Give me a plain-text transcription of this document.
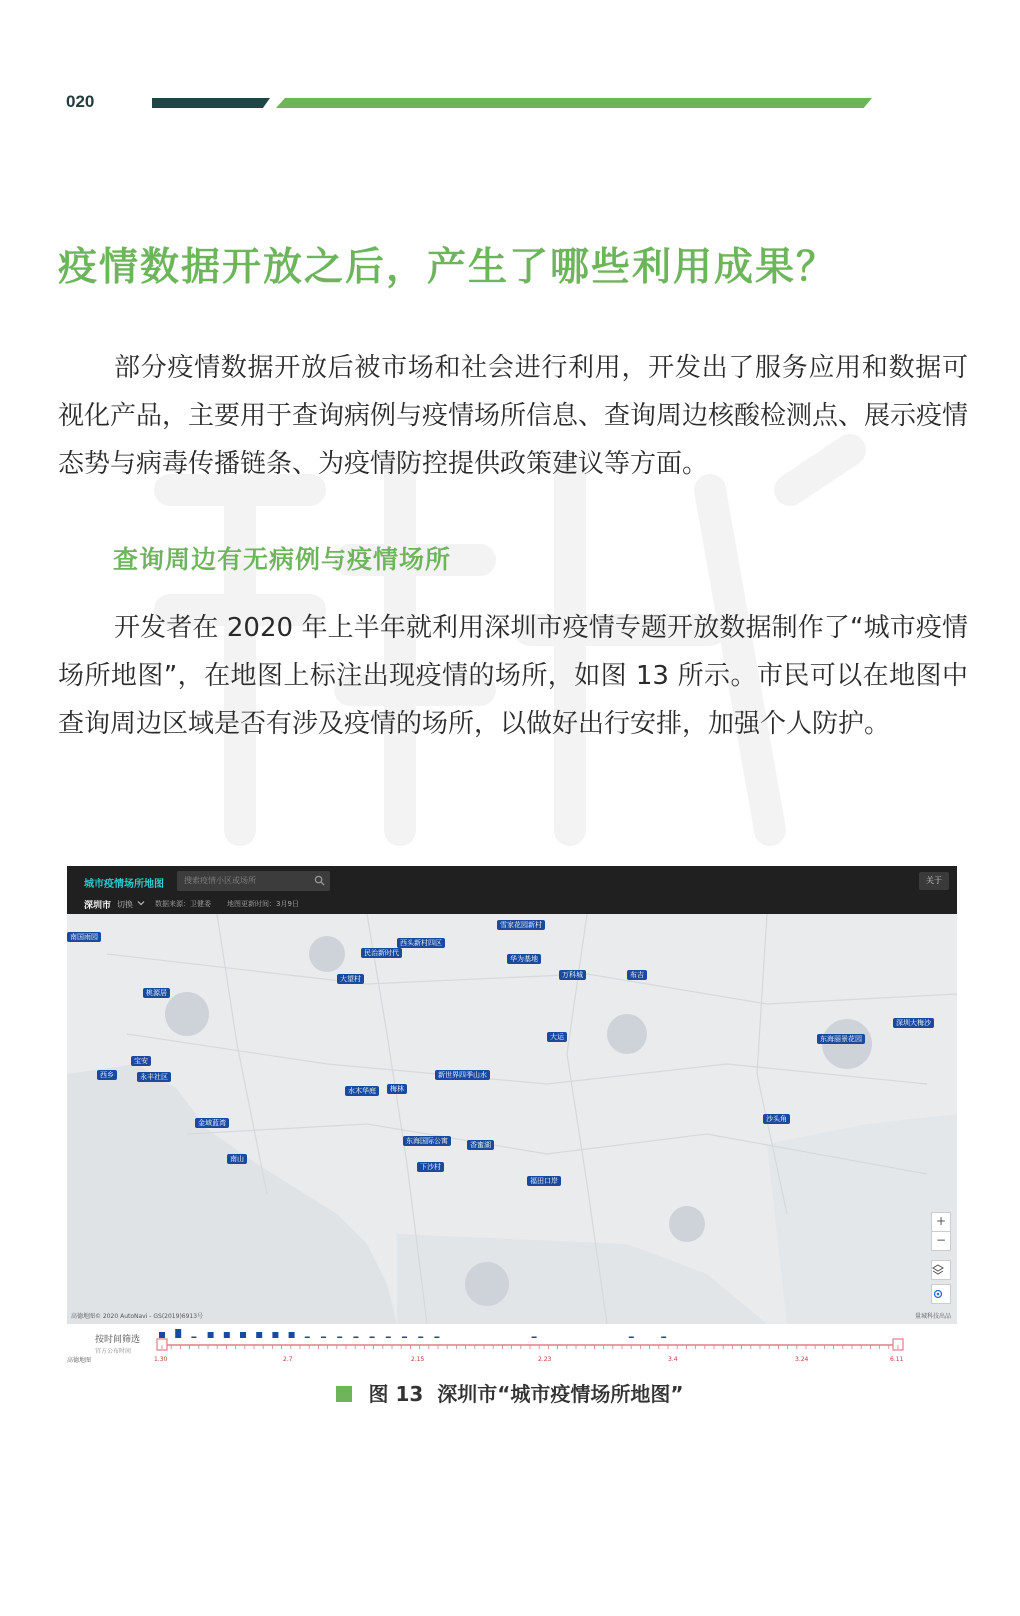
020
疫情数据开放之后，产生了哪些利用成果？
部分疫情数据开放后被市场和社会进行利用，开发出了服务应用和数据可视化产品，主要用于查询病例与疫情场所信息、查询周边核酸检测点、展示疫情态势与病毒传播链条、为疫情防控提供政策建议等方面。
查询周边有无病例与疫情场所
开发者在 2020 年上半年就利用深圳市疫情专题开放数据制作了“城市疫情场所地图”，在地图上标注出现疫情的场所，如图 13 所示。市民可以在地图中查询周边区域是否有涉及疫情的场所，以做好出行安排，加强个人防护。
城市疫情场所地图	搜索疫情小区或场所	关于
深圳市 切换	数据来源：卫健委 地图更新时间：3月9日
南国雨园
雪家花园新村
西头新村四区
民治新时代
华为基地
万科城	布吉
大望村
东海丽景花园
深圳大梅沙
新世界四季山水
水木华庭
大运
金域蓝湾
梅林
东海国际公寓	香蜜湖
南山
宝安
西乡	永丰社区
下沙村
福田口岸
沙头角
桃源居
+
−
高德地图© 2020 AutoNavi - GS(2019)6913号	量城科技出品
按时间筛选
官方公布时间
高德地图	1.30	2.7	2.15	2.23	3.4	3.24	6.11
图 13 深圳市“城市疫情场所地图”
